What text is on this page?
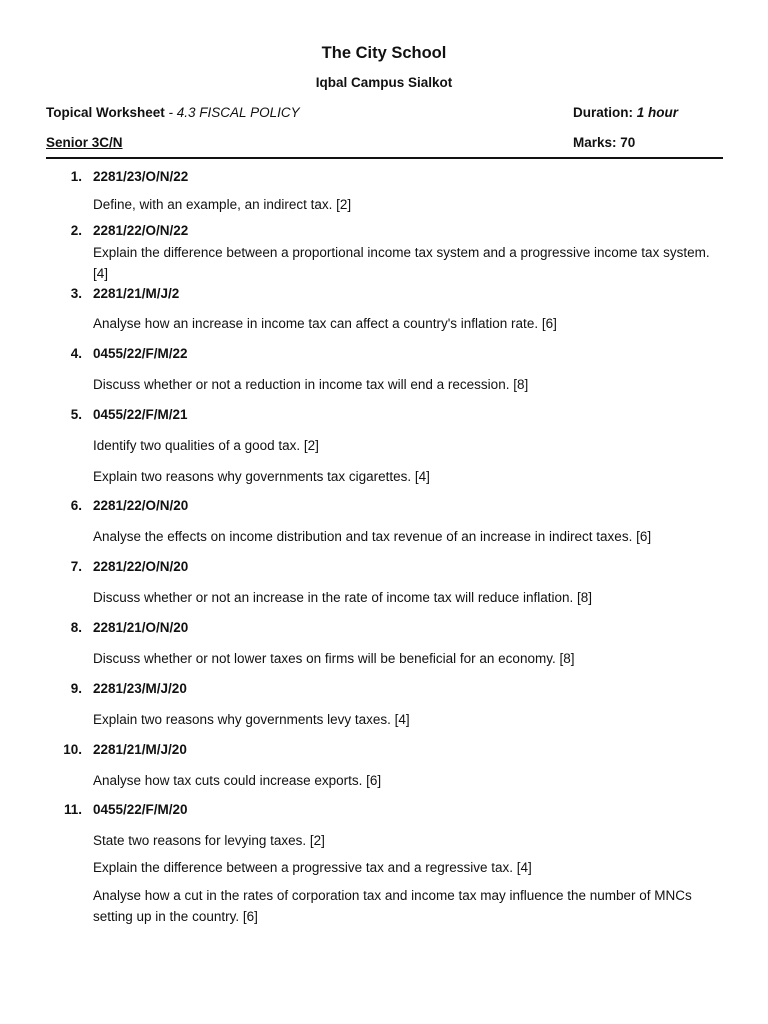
The City School
Iqbal Campus Sialkot
Topical Worksheet - 4.3 FISCAL POLICY	Duration: 1 hour
Senior 3C/N	Marks: 70
1. 2281/23/O/N/22
Define, with an example, an indirect tax. [2]
2. 2281/22/O/N/22
Explain the difference between a proportional income tax system and a progressive income tax system. [4]
3. 2281/21/M/J/2
Analyse how an increase in income tax can affect a country's inflation rate. [6]
4. 0455/22/F/M/22
Discuss whether or not a reduction in income tax will end a recession. [8]
5. 0455/22/F/M/21
Identify two qualities of a good tax. [2]
Explain two reasons why governments tax cigarettes. [4]
6. 2281/22/O/N/20
Analyse the effects on income distribution and tax revenue of an increase in indirect taxes. [6]
7. 2281/22/O/N/20
Discuss whether or not an increase in the rate of income tax will reduce inflation. [8]
8. 2281/21/O/N/20
Discuss whether or not lower taxes on firms will be beneficial for an economy. [8]
9. 2281/23/M/J/20
Explain two reasons why governments levy taxes. [4]
10. 2281/21/M/J/20
Analyse how tax cuts could increase exports. [6]
11. 0455/22/F/M/20
State two reasons for levying taxes. [2]
Explain the difference between a progressive tax and a regressive tax. [4]
Analyse how a cut in the rates of corporation tax and income tax may influence the number of MNCs setting up in the country. [6]
